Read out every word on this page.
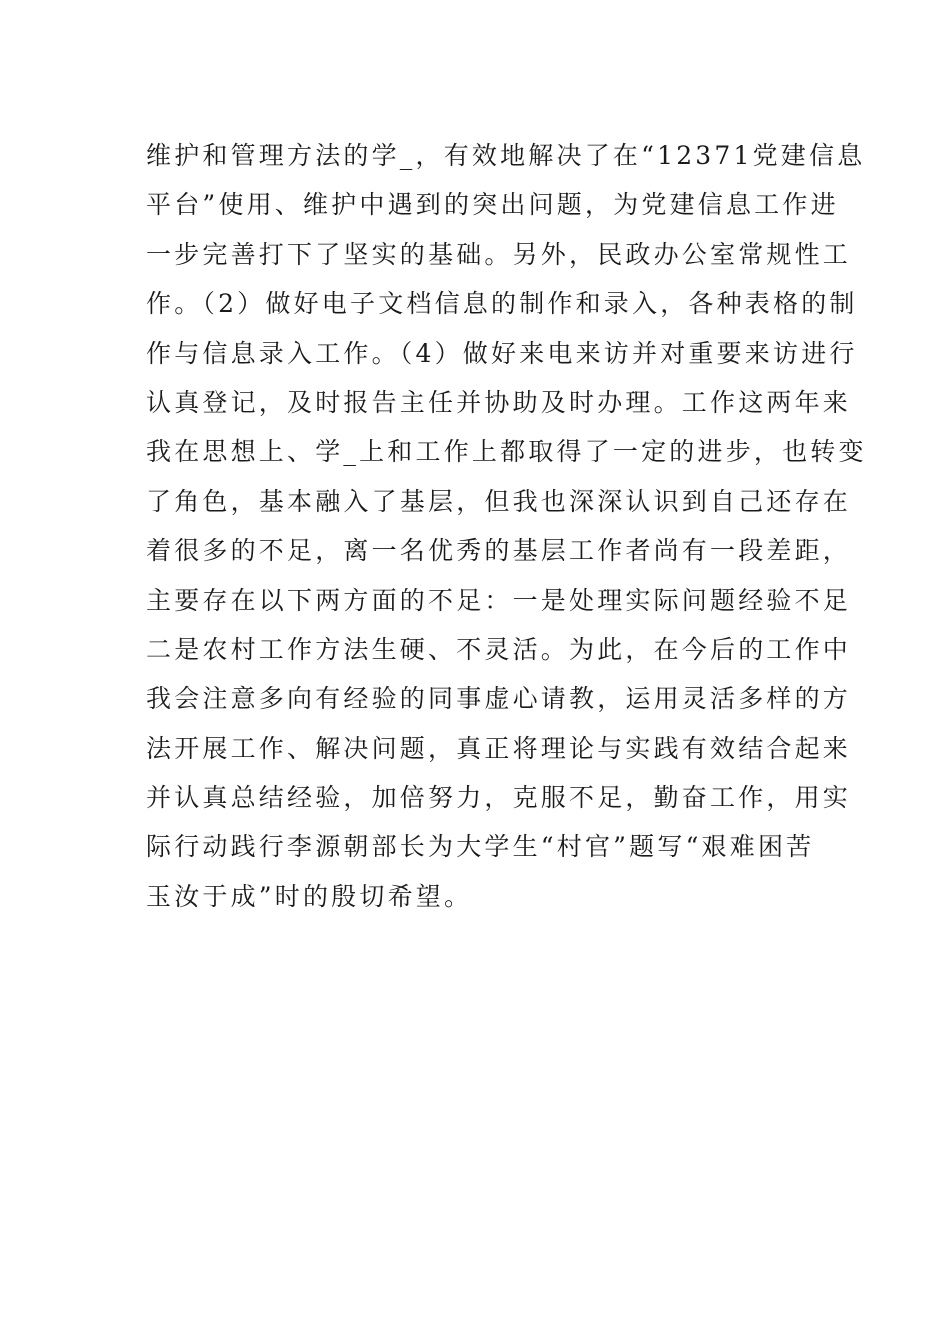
维护和管理方法的学_，有效地解决了在“12371党建信息
平台”使用、维护中遇到的突出问题，为党建信息工作进
一步完善打下了坚实的基础。另外，民政办公室常规性工
作。（2）做好电子文档信息的制作和录入，各种表格的制
作与信息录入工作。（4）做好来电来访并对重要来访进行
认真登记，及时报告主任并协助及时办理。工作这两年来
我在思想上、学_上和工作上都取得了一定的进步，也转变
了角色，基本融入了基层，但我也深深认识到自己还存在
着很多的不足，离一名优秀的基层工作者尚有一段差距，
主要存在以下两方面的不足：一是处理实际问题经验不足
二是农村工作方法生硬、不灵活。为此，在今后的工作中
我会注意多向有经验的同事虚心请教，运用灵活多样的方
法开展工作、解决问题，真正将理论与实践有效结合起来
并认真总结经验，加倍努力，克服不足，勤奋工作，用实
际行动践行李源朝部长为大学生“村官”题写“艰难困苦
玉汝于成”时的殷切希望。
